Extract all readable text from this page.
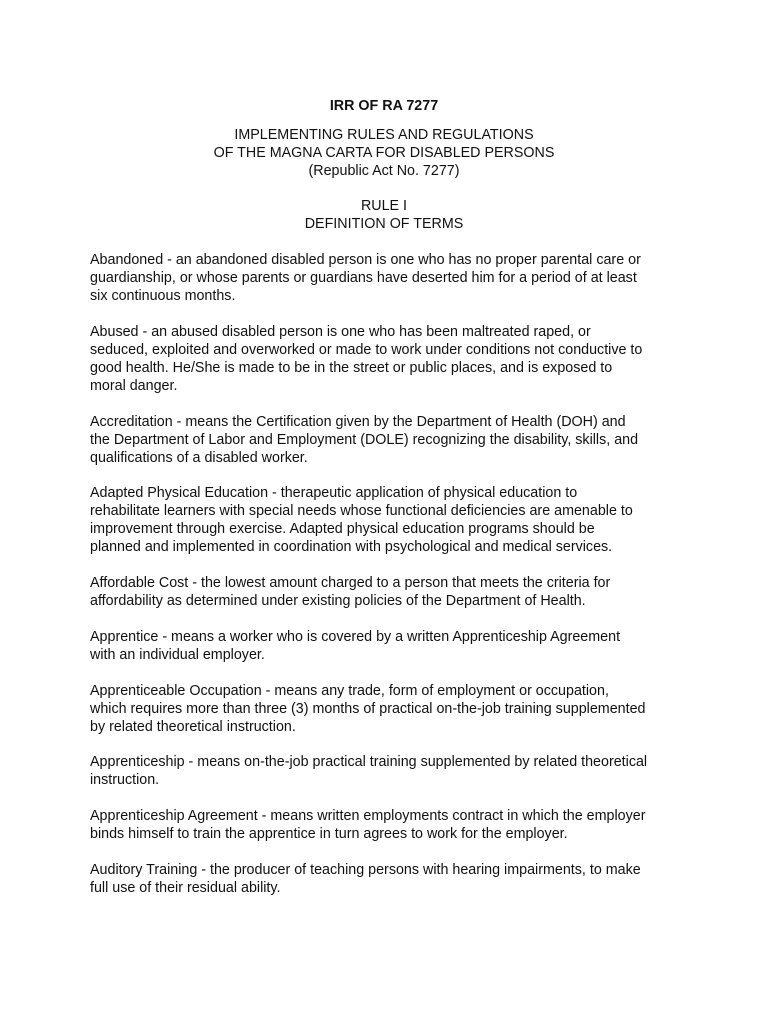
IRR OF RA 7277
IMPLEMENTING RULES AND REGULATIONS
OF THE MAGNA CARTA FOR DISABLED PERSONS
(Republic Act No. 7277)
RULE I
DEFINITION OF TERMS
Abandoned - an abandoned disabled person is one who has no proper parental care or
guardianship, or whose parents or guardians have deserted him for a period of at least
six continuous months.
Abused - an abused disabled person is one who has been maltreated raped, or
seduced, exploited and overworked or made to work under conditions not conductive to
good health. He/She is made to be in the street or public places, and is exposed to
moral danger.
Accreditation - means the Certification given by the Department of Health (DOH) and
the Department of Labor and Employment (DOLE) recognizing the disability, skills, and
qualifications of a disabled worker.
Adapted Physical Education - therapeutic application of physical education to
rehabilitate learners with special needs whose functional deficiencies are amenable to
improvement through exercise. Adapted physical education programs should be
planned and implemented in coordination with psychological and medical services.
Affordable Cost - the lowest amount charged to a person that meets the criteria for
affordability as determined under existing policies of the Department of Health.
Apprentice - means a worker who is covered by a written Apprenticeship Agreement
with an individual employer.
Apprenticeable Occupation - means any trade, form of employment or occupation,
which requires more than three (3) months of practical on-the-job training supplemented
by related theoretical instruction.
Apprenticeship - means on-the-job practical training supplemented by related theoretical
instruction.
Apprenticeship Agreement - means written employments contract in which the employer
binds himself to train the apprentice in turn agrees to work for the employer.
Auditory Training - the producer of teaching persons with hearing impairments, to make
full use of their residual ability.
